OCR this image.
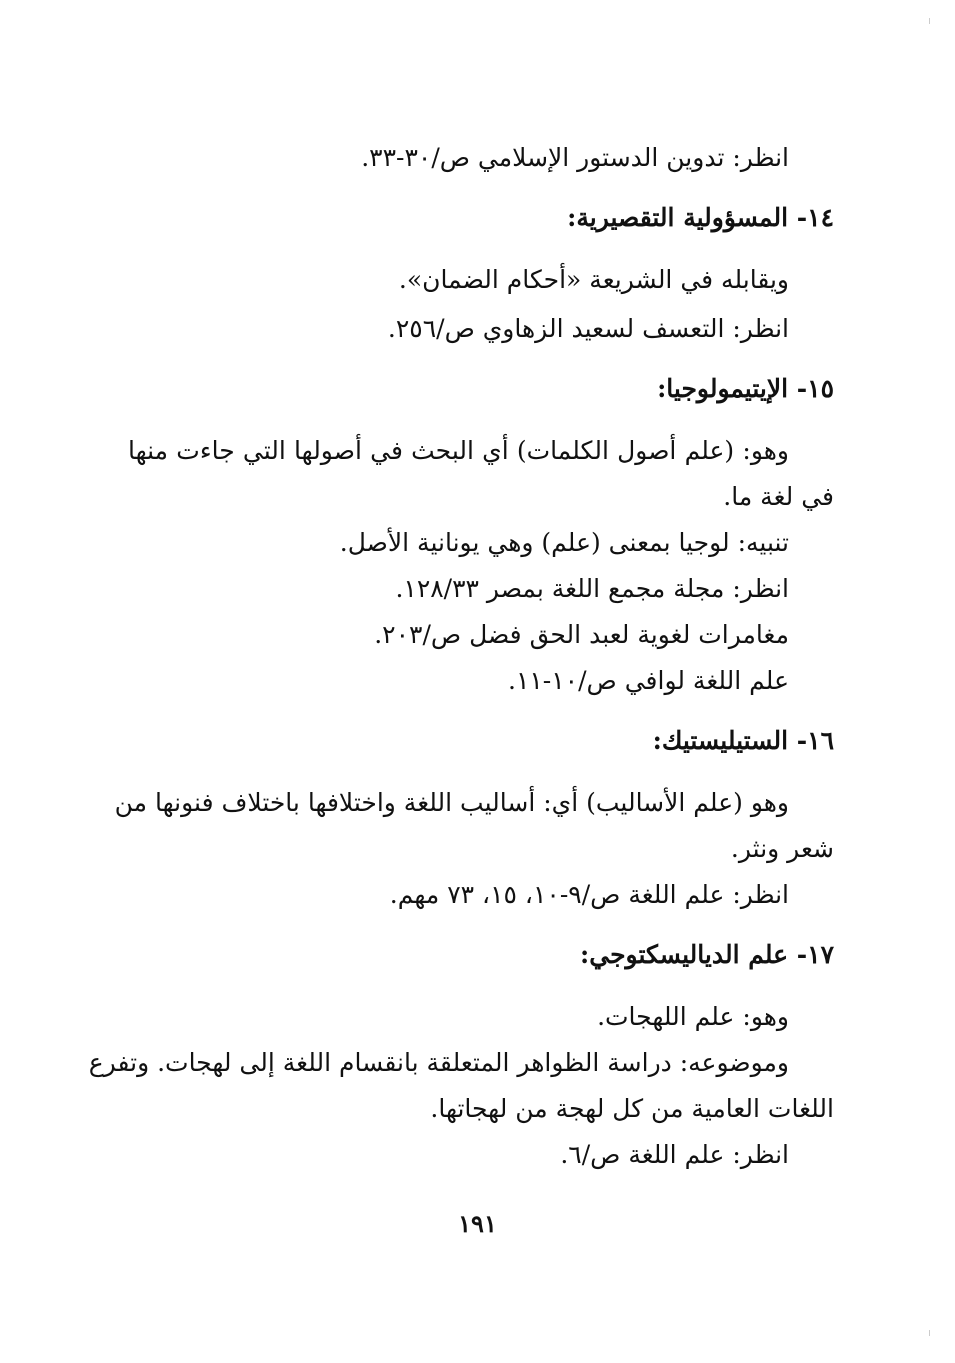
انظر: تدوين الدستور الإسلامي ص/٣٠-٣٣.

١٤- المسؤولية التقصيرية:

ويقابله في الشريعة «أحكام الضمان».

انظر: التعسف لسعيد الزهاوي ص/٢٥٦.

١٥- الإيتيمولوجيا:

وهو: (علم أصول الكلمات) أي البحث في أصولها التي جاءت منها

في لغة ما.

تنبيه: لوجيا بمعنى (علم) وهي يونانية الأصل.

انظر: مجلة مجمع اللغة بمصر ١٢٨/٣٣.

مغامرات لغوية لعبد الحق فضل ص/٢٠٣.

علم اللغة لوافي ص/١٠-١١.

١٦- الستيليستيك:

وهو (علم الأساليب) أي: أساليب اللغة واختلافها باختلاف فنونها من

شعر ونثر.

انظر: علم اللغة ص/٩-١٠، ١٥، ٧٣ مهم.

١٧- علم الدياليسكتوجي:

وهو: علم اللهجات.

وموضوعه: دراسة الظواهر المتعلقة بانقسام اللغة إلى لهجات. وتفرع

اللغات العامية من كل لهجة من لهجاتها.

انظر: علم اللغة ص/٦.

١٩١
